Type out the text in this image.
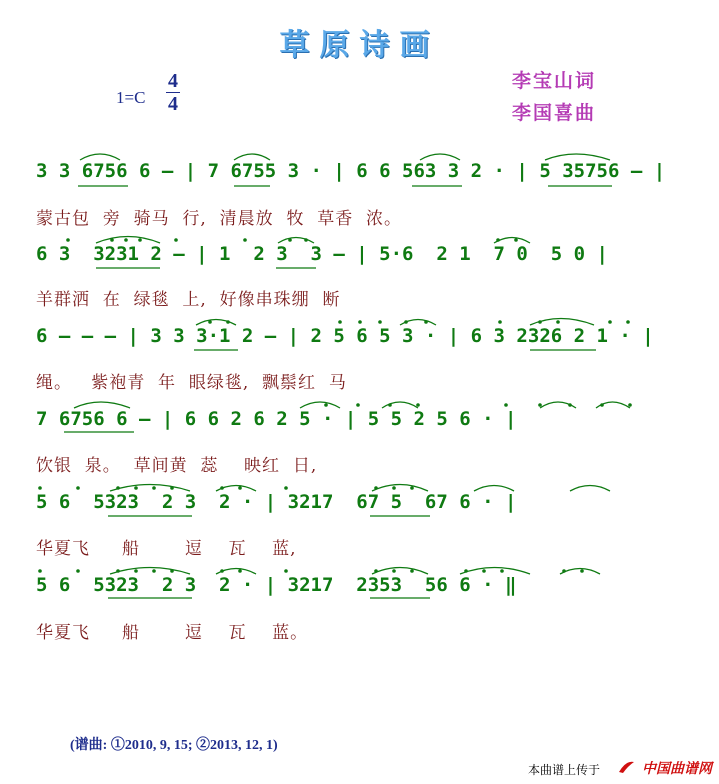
草原诗画
1=C
4
4
李宝山词
李国喜曲
3 3 6756 6 — | 7 6755 3 · | 6 6 563 3 2 · | 5 35756 — |
蒙古包  旁  骑马  行,  清晨放  牧  草香  浓。
6 3  3231 2 — | 1  2 3  3 — | 5·6  2 1  7 0  5 0 |
羊群洒  在  绿毯  上,  好像串珠绷  断
6 — — — | 3 3 3·1 2 — | 2 5 6 5 3 · | 6 3 2326 2 1 · |
绳。   紫袍青  年  眼绿毯,  飘鬃红  马
7 6756 6 — | 6 6 2 6 2 5 · | 5 5 2 5 6 · |
饮银  泉。  草间黄  蕊    映红  日,
5 6  5323  2 3  2 · | 3217  67 5  67 6 · |
华夏飞     船       逗    瓦    蓝,
5 6  5323  2 3  2 · | 3217  2353  56 6 · ‖
华夏飞     船       逗    瓦    蓝。
(谱曲: ①2010, 9, 15; ②2013, 12, 1)
本曲谱上传于	中国曲谱网
